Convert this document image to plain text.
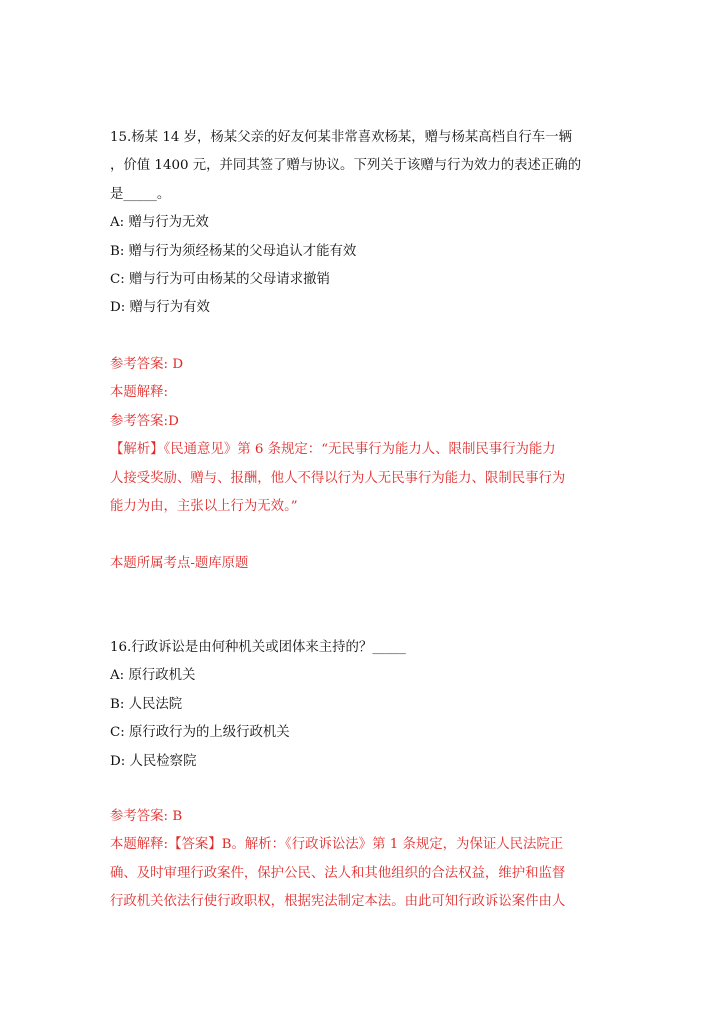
15.杨某 14 岁，杨某父亲的好友何某非常喜欢杨某，赠与杨某高档自行车一辆
，价值 1400 元，并同其签了赠与协议。下列关于该赠与行为效力的表述正确的
是_____。
A: 赠与行为无效
B: 赠与行为须经杨某的父母追认才能有效
C: 赠与行为可由杨某的父母请求撤销
D: 赠与行为有效
参考答案: D
本题解释:
参考答案:D
【解析】《民通意见》第 6 条规定：“无民事行为能力人、限制民事行为能力
人接受奖励、赠与、报酬，他人不得以行为人无民事行为能力、限制民事行为
能力为由，主张以上行为无效。”
本题所属考点-题库原题
16.行政诉讼是由何种机关或团体来主持的？_____
A: 原行政机关
B: 人民法院
C: 原行政行为的上级行政机关
D: 人民检察院
参考答案: B
本题解释:【答案】B。解析：《行政诉讼法》第 1 条规定，为保证人民法院正
确、及时审理行政案件，保护公民、法人和其他组织的合法权益，维护和监督
行政机关依法行使行政职权，根据宪法制定本法。由此可知行政诉讼案件由人
